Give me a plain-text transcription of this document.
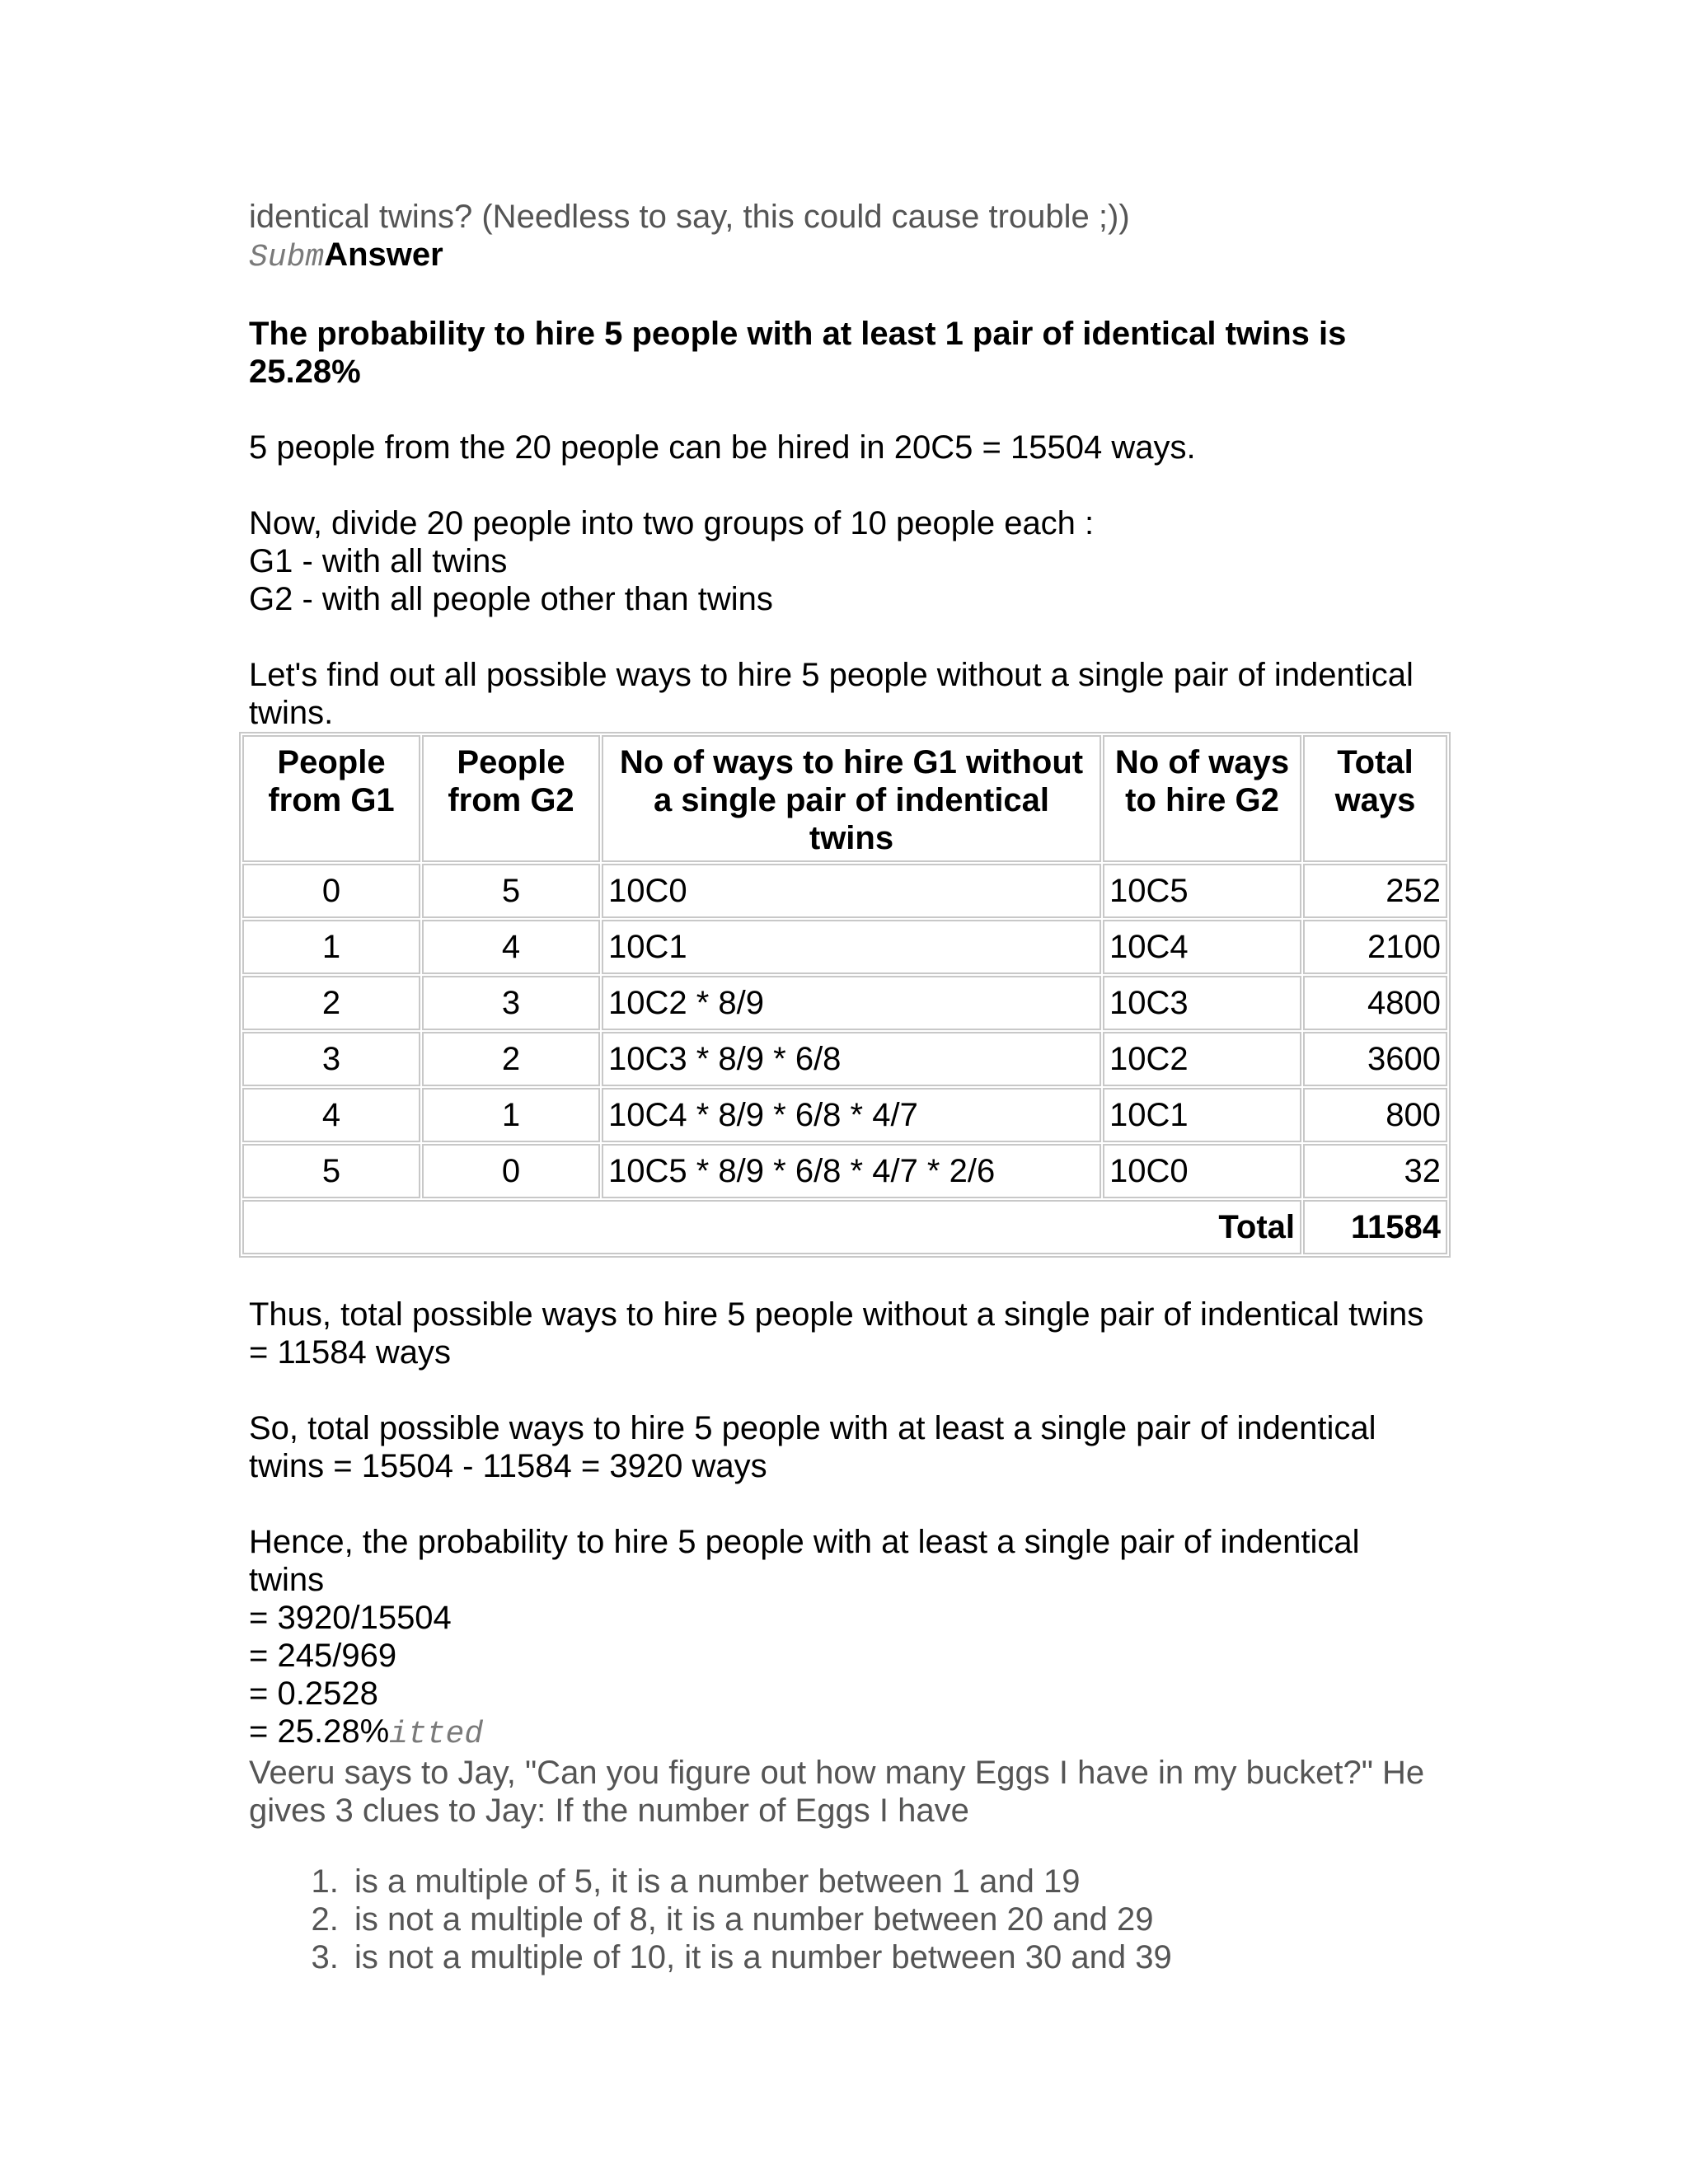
identical twins? (Needless to say, this could cause trouble ;))
SubmAnswer
The probability to hire 5 people with at least 1 pair of identical twins is
25.28%
5 people from the 20 people can be hired in 20C5 = 15504 ways.
Now, divide 20 people into two groups of 10 people each :
G1 - with all twins
G2 - with all people other than twins
Let's find out all possible ways to hire 5 people without a single pair of indentical
twins.
People from G1	People from G2	No of ways to hire G1 without a single pair of indentical twins	No of ways to hire G2	Total ways
0	5	10C0	10C5	252
1	4	10C1	10C4	2100
2	3	10C2 * 8/9	10C3	4800
3	2	10C3 * 8/9 * 6/8	10C2	3600
4	1	10C4 * 8/9 * 6/8 * 4/7	10C1	800
5	0	10C5 * 8/9 * 6/8 * 4/7 * 2/6	10C0	32
Total				11584
Thus, total possible ways to hire 5 people without a single pair of indentical twins
= 11584 ways
So, total possible ways to hire 5 people with at least a single pair of indentical
twins = 15504 - 11584 = 3920 ways
Hence, the probability to hire 5 people with at least a single pair of indentical
twins
= 3920/15504
= 245/969
= 0.2528
= 25.28%itted
Veeru says to Jay, "Can you figure out how many Eggs I have in my bucket?" He
gives 3 clues to Jay: If the number of Eggs I have
1. is a multiple of 5, it is a number between 1 and 19
2. is not a multiple of 8, it is a number between 20 and 29
3. is not a multiple of 10, it is a number between 30 and 39
